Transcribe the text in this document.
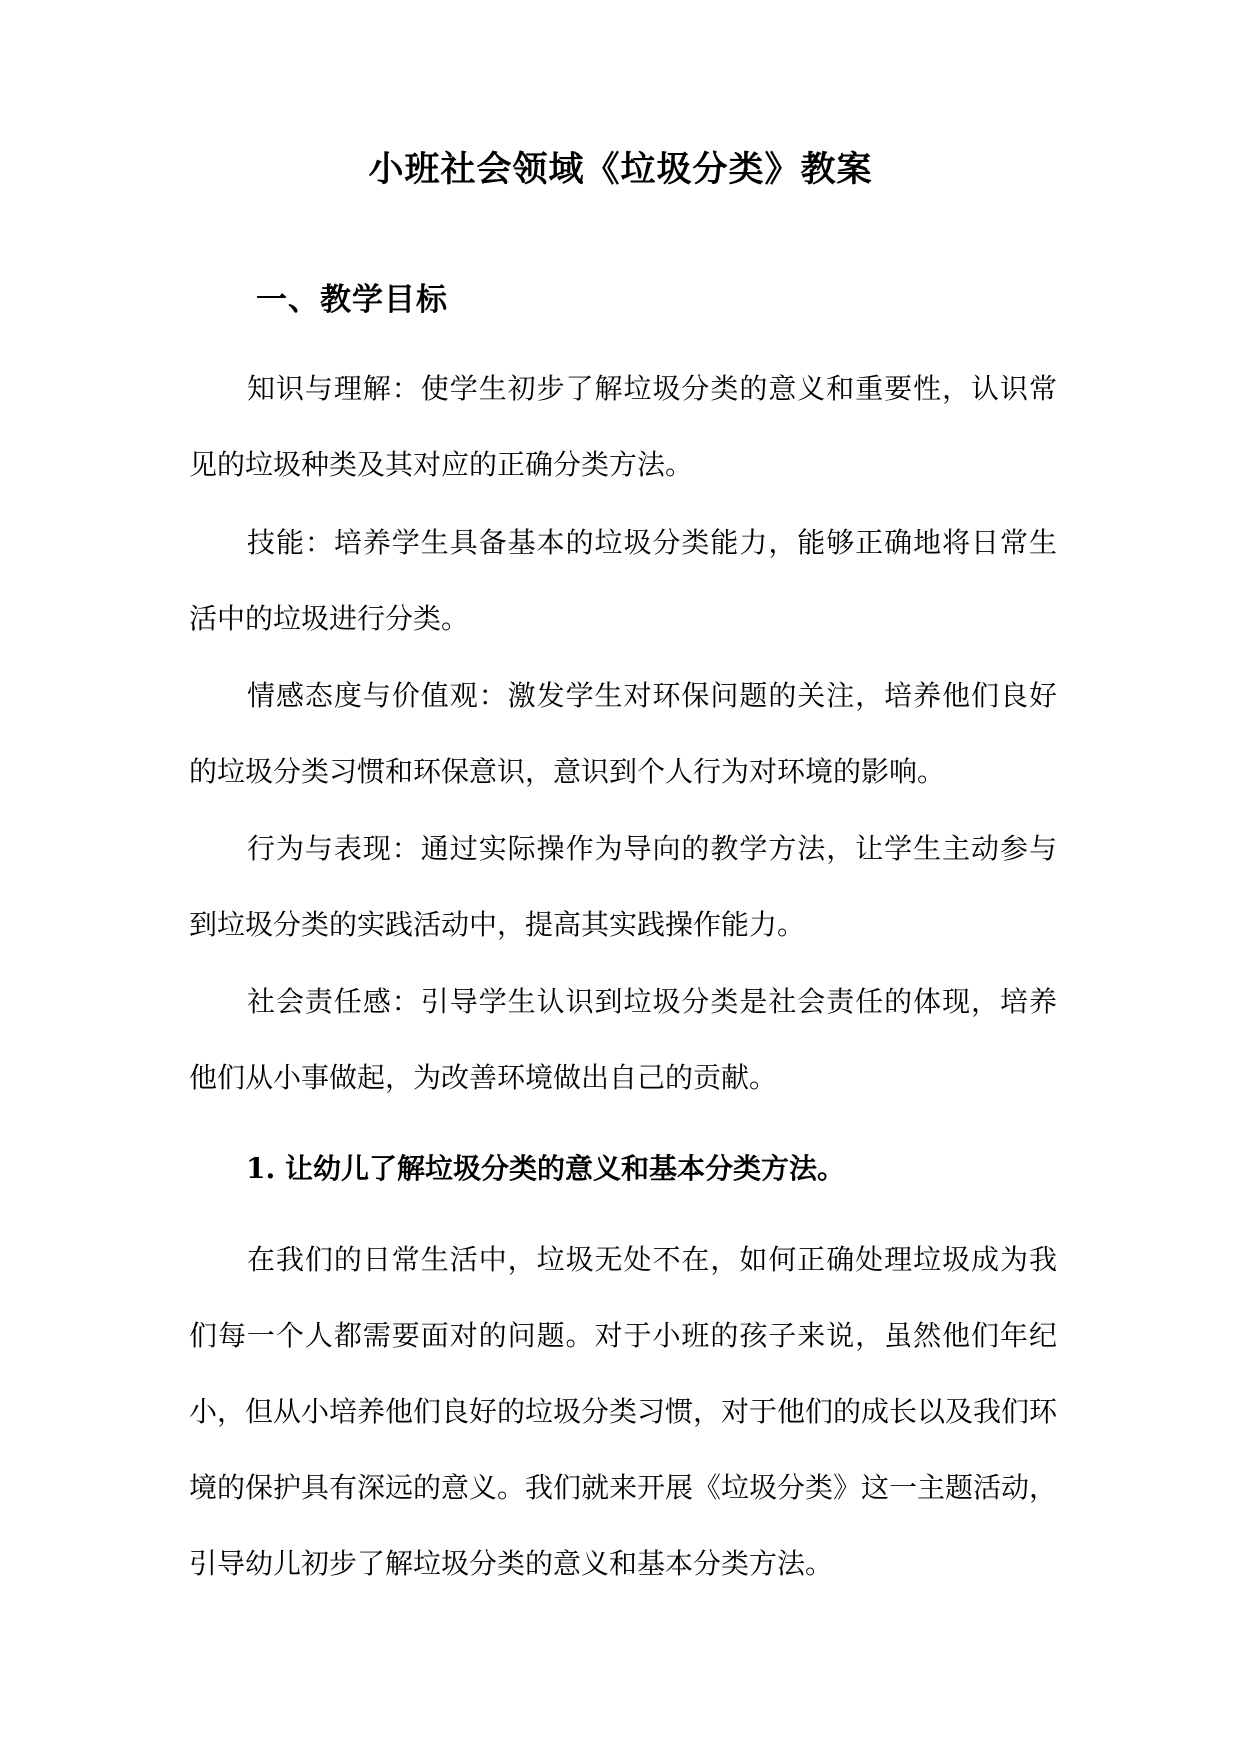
小班社会领域《垃圾分类》教案
一、教学目标

知识与理解：使学生初步了解垃圾分类的意义和重要性，认识常见的垃圾种类及其对应的正确分类方法。

技能：培养学生具备基本的垃圾分类能力，能够正确地将日常生活中的垃圾进行分类。

情感态度与价值观：激发学生对环保问题的关注，培养他们良好的垃圾分类习惯和环保意识，意识到个人行为对环境的影响。

行为与表现：通过实际操作为导向的教学方法，让学生主动参与到垃圾分类的实践活动中，提高其实践操作能力。

社会责任感：引导学生认识到垃圾分类是社会责任的体现，培养他们从小事做起，为改善环境做出自己的贡献。

1. 让幼儿了解垃圾分类的意义和基本分类方法。

在我们的日常生活中，垃圾无处不在，如何正确处理垃圾成为我们每一个人都需要面对的问题。对于小班的孩子来说，虽然他们年纪小，但从小培养他们良好的垃圾分类习惯，对于他们的成长以及我们环境的保护具有深远的意义。我们就来开展《垃圾分类》这一主题活动，引导幼儿初步了解垃圾分类的意义和基本分类方法。
